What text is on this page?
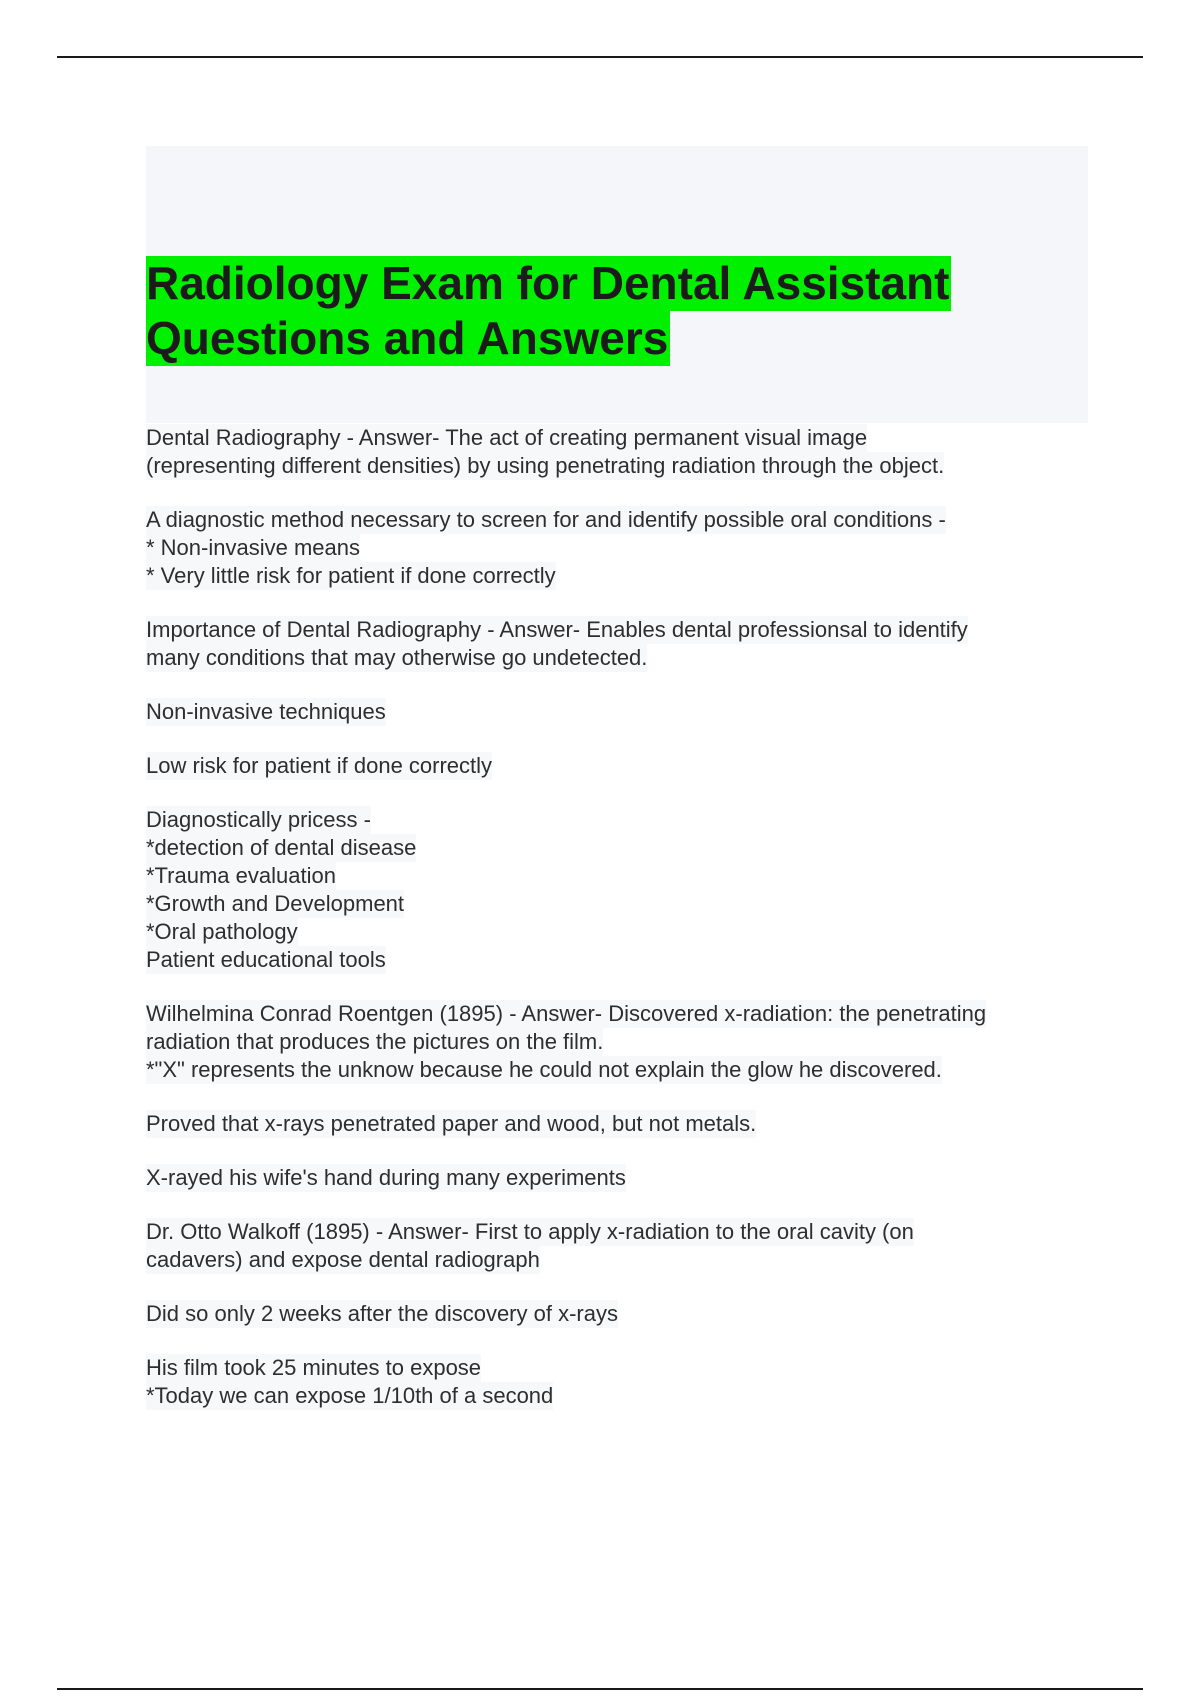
Radiology Exam for Dental Assistant
Questions and Answers

Dental Radiography - Answer- The act of creating permanent visual image
(representing different densities) by using penetrating radiation through the object.

A diagnostic method necessary to screen for and identify possible oral conditions -
* Non-invasive means
* Very little risk for patient if done correctly

Importance of Dental Radiography - Answer- Enables dental professionsal to identify
many conditions that may otherwise go undetected.

Non-invasive techniques

Low risk for patient if done correctly

Diagnostically pricess -
*detection of dental disease
*Trauma evaluation
*Growth and Development
*Oral pathology
Patient educational tools

Wilhelmina Conrad Roentgen (1895) - Answer- Discovered x-radiation: the penetrating
radiation that produces the pictures on the film.
*"X" represents the unknow because he could not explain the glow he discovered.

Proved that x-rays penetrated paper and wood, but not metals.

X-rayed his wife's hand during many experiments

Dr. Otto Walkoff (1895) - Answer- First to apply x-radiation to the oral cavity (on
cadavers) and expose dental radiograph

Did so only 2 weeks after the discovery of x-rays

His film took 25 minutes to expose
*Today we can expose 1/10th of a second
